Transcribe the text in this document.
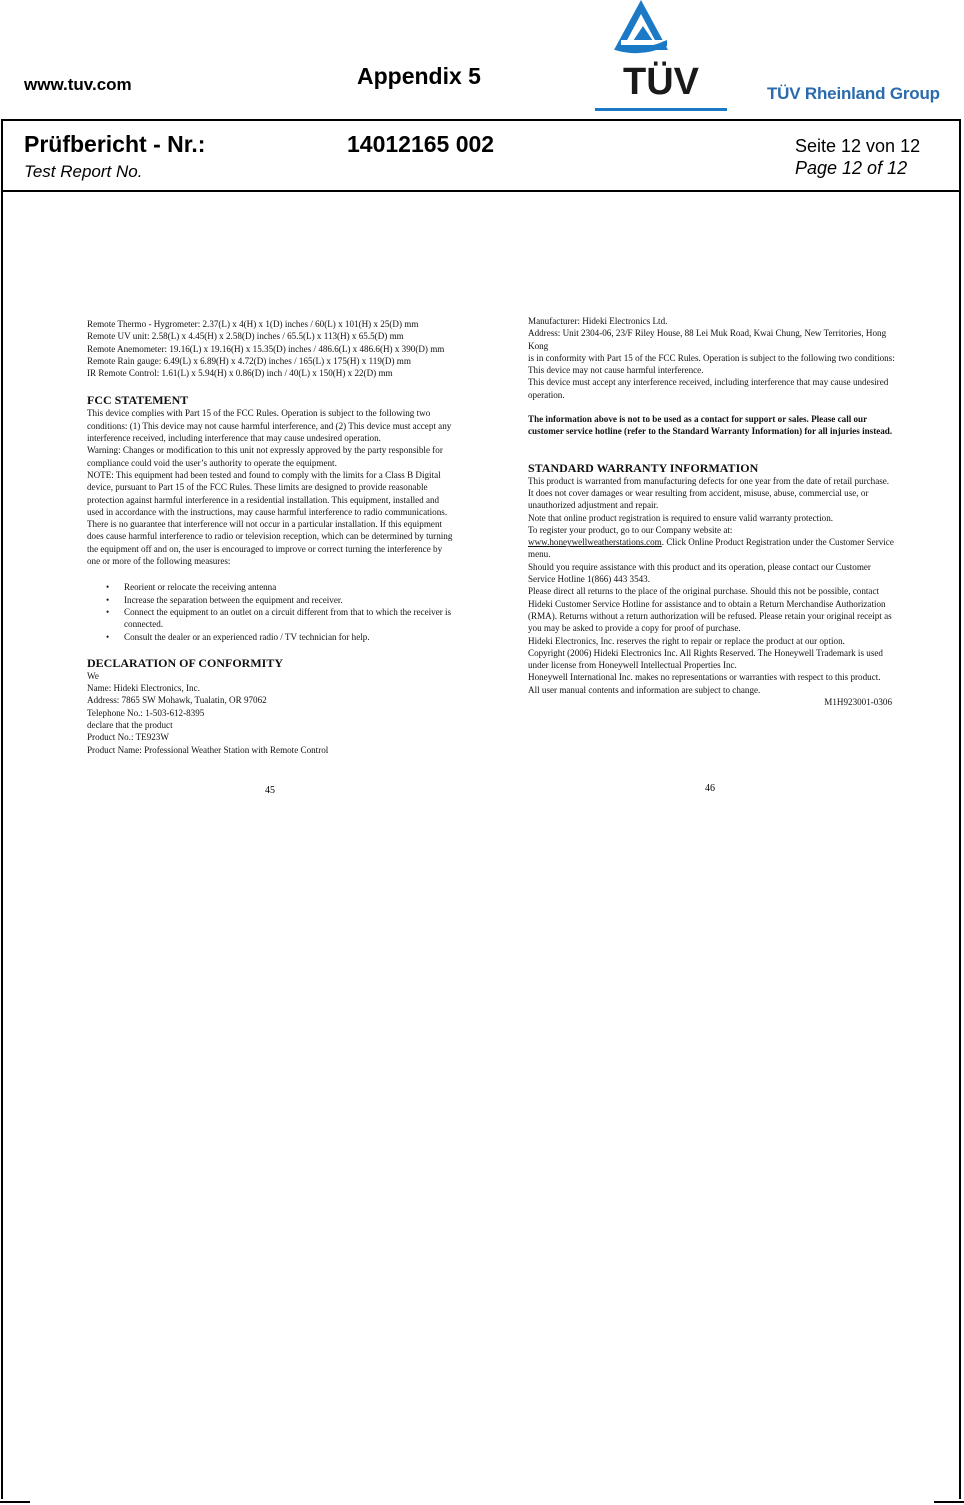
www.tuv.com	Appendix 5	TÜV	TÜV Rheinland Group
Prüfbericht - Nr.:
Test Report No.
14012165 002	Seite 12 von 12
Page 12 of 12

Remote Thermo - Hygrometer: 2.37(L) x 4(H) x 1(D) inches / 60(L) x 101(H) x 25(D) mm

Remote UV unit: 2.58(L) x 4.45(H) x 2.58(D) inches / 65.5(L) x 113(H) x 65.5(D) mm

Remote Anemometer: 19.16(L) x 19.16(H) x 15.35(D) inches / 486.6(L) x 486.6(H) x 390(D) mm

Remote Rain gauge: 6.49(L) x 6.89(H) x 4.72(D) inches / 165(L) x 175(H) x 119(D) mm

IR Remote Control: 1.61(L) x 5.94(H) x 0.86(D) inch / 40(L) x 150(H) x 22(D) mm

FCC STATEMENT

This device complies with Part 15 of the FCC Rules. Operation is subject to the following two conditions: (1) This device may not cause harmful interference, and (2) This device must accept any interference received, including interference that may cause undesired operation.

Warning: Changes or modification to this unit not expressly approved by the party responsible for compliance could void the user’s authority to operate the equipment.

NOTE: This equipment had been tested and found to comply with the limits for a Class B Digital device, pursuant to Part 15 of the FCC Rules. These limits are designed to provide reasonable protection against harmful interference in a residential installation. This equipment, installed and used in accordance with the instructions, may cause harmful interference to radio communications.

There is no guarantee that interference will not occur in a particular installation. If this equipment does cause harmful interference to radio or television reception, which can be determined by turning the equipment off and on, the user is encouraged to improve or correct turning the interference by one or more of the following measures:

• Reorient or relocate the receiving antenna
• Increase the separation between the equipment and receiver.
• Connect the equipment to an outlet on a circuit different from that to which the receiver is connected.
• Consult the dealer or an experienced radio / TV technician for help.
DECLARATION OF CONFORMITY

We

Name: Hideki Electronics, Inc.

Address: 7865 SW Mohawk, Tualatin, OR 97062

Telephone No.: 1-503-612-8395

declare that the product

Product No.: TE923W

Product Name: Professional Weather Station with Remote Control

45

Manufacturer: Hideki Electronics Ltd.

Address: Unit 2304-06, 23/F Riley House, 88 Lei Muk Road, Kwai Chung, New Territories, Hong Kong

is in conformity with Part 15 of the FCC Rules. Operation is subject to the following two conditions:

This device may not cause harmful interference.

This device must accept any interference received, including interference that may cause undesired operation.

The information above is not to be used as a contact for support or sales. Please call our customer service hotline (refer to the Standard Warranty Information) for all injuries instead.

STANDARD WARRANTY INFORMATION

This product is warranted from manufacturing defects for one year from the date of retail purchase. It does not cover damages or wear resulting from accident, misuse, abuse, commercial use, or unauthorized adjustment and repair.

Note that online product registration is required to ensure valid warranty protection.

To register your product, go to our Company website at:

www.honeywellweatherstations.com. Click Online Product Registration under the Customer Service menu.

Should you require assistance with this product and its operation, please contact our Customer Service Hotline 1(866) 443 3543.

Please direct all returns to the place of the original purchase. Should this not be possible, contact Hideki Customer Service Hotline for assistance and to obtain a Return Merchandise Authorization (RMA). Returns without a return authorization will be refused. Please retain your original receipt as you may be asked to provide a copy for proof of purchase.

Hideki Electronics, Inc. reserves the right to repair or replace the product at our option.

Copyright (2006) Hideki Electronics Inc. All Rights Reserved. The Honeywell Trademark is used under license from Honeywell Intellectual Properties Inc.

Honeywell International Inc. makes no representations or warranties with respect to this product.

All user manual contents and information are subject to change.

M1H923001-0306

46
